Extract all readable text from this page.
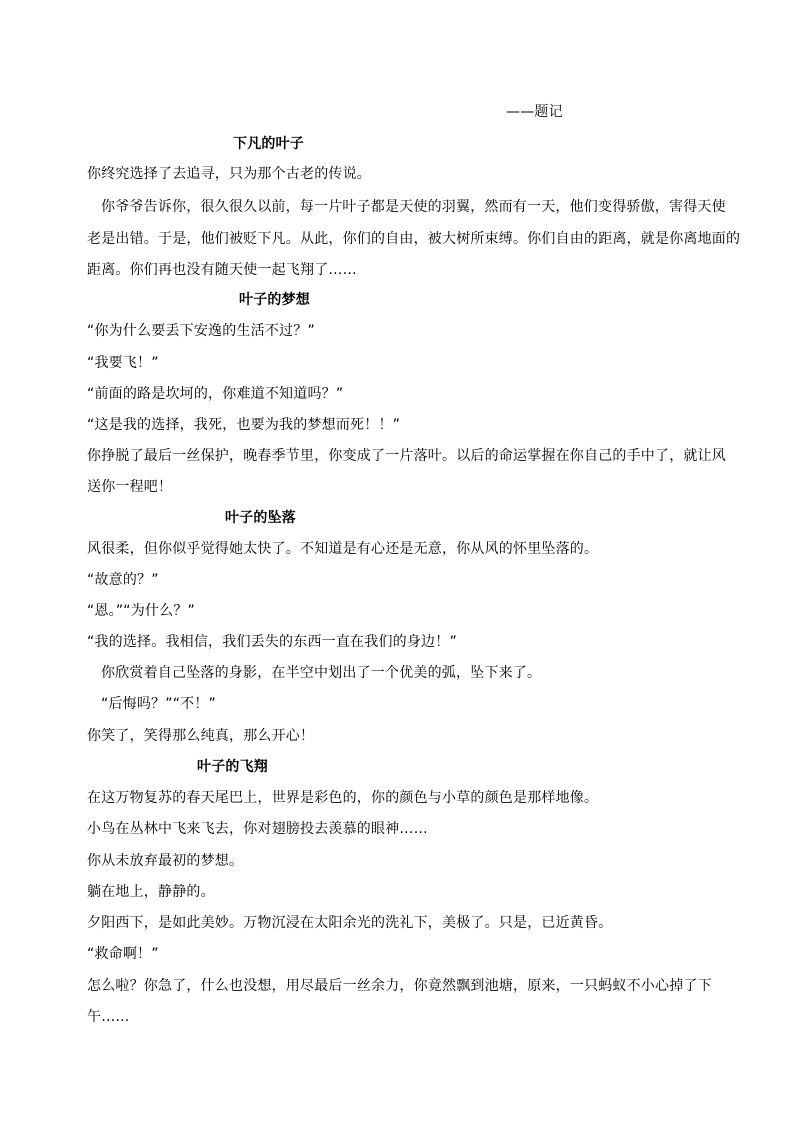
——题记
下凡的叶子
你终究选择了去追寻，只为那个古老的传说。
你爷爷告诉你，很久很久以前，每一片叶子都是天使的羽翼，然而有一天，他们变得骄傲，害得天使
老是出错。于是，他们被贬下凡。从此，你们的自由，被大树所束缚。你们自由的距离，就是你离地面的
距离。你们再也没有随天使一起飞翔了……
叶子的梦想
“你为什么要丢下安逸的生活不过？”
“我要飞！”
“前面的路是坎坷的，你难道不知道吗？”
“这是我的选择，我死，也要为我的梦想而死！！”
你挣脱了最后一丝保护，晚春季节里，你变成了一片落叶。以后的命运掌握在你自己的手中了，就让风
送你一程吧！
叶子的坠落
风很柔，但你似乎觉得她太快了。不知道是有心还是无意，你从风的怀里坠落的。
“故意的？”
“恩。”“为什么？”
“我的选择。我相信，我们丢失的东西一直在我们的身边！”
你欣赏着自己坠落的身影，在半空中划出了一个优美的弧，坠下来了。
“后悔吗？”“不！”
你笑了，笑得那么纯真，那么开心！
叶子的飞翔
在这万物复苏的春天尾巴上，世界是彩色的，你的颜色与小草的颜色是那样地像。
小鸟在丛林中飞来飞去，你对翅膀投去羡慕的眼神……
你从未放弃最初的梦想。
躺在地上，静静的。
夕阳西下，是如此美妙。万物沉浸在太阳余光的洗礼下，美极了。只是，已近黄昏。
“救命啊！”
怎么啦？你急了，什么也没想，用尽最后一丝余力，你竟然飘到池塘，原来，一只蚂蚁不小心掉了下
午……
